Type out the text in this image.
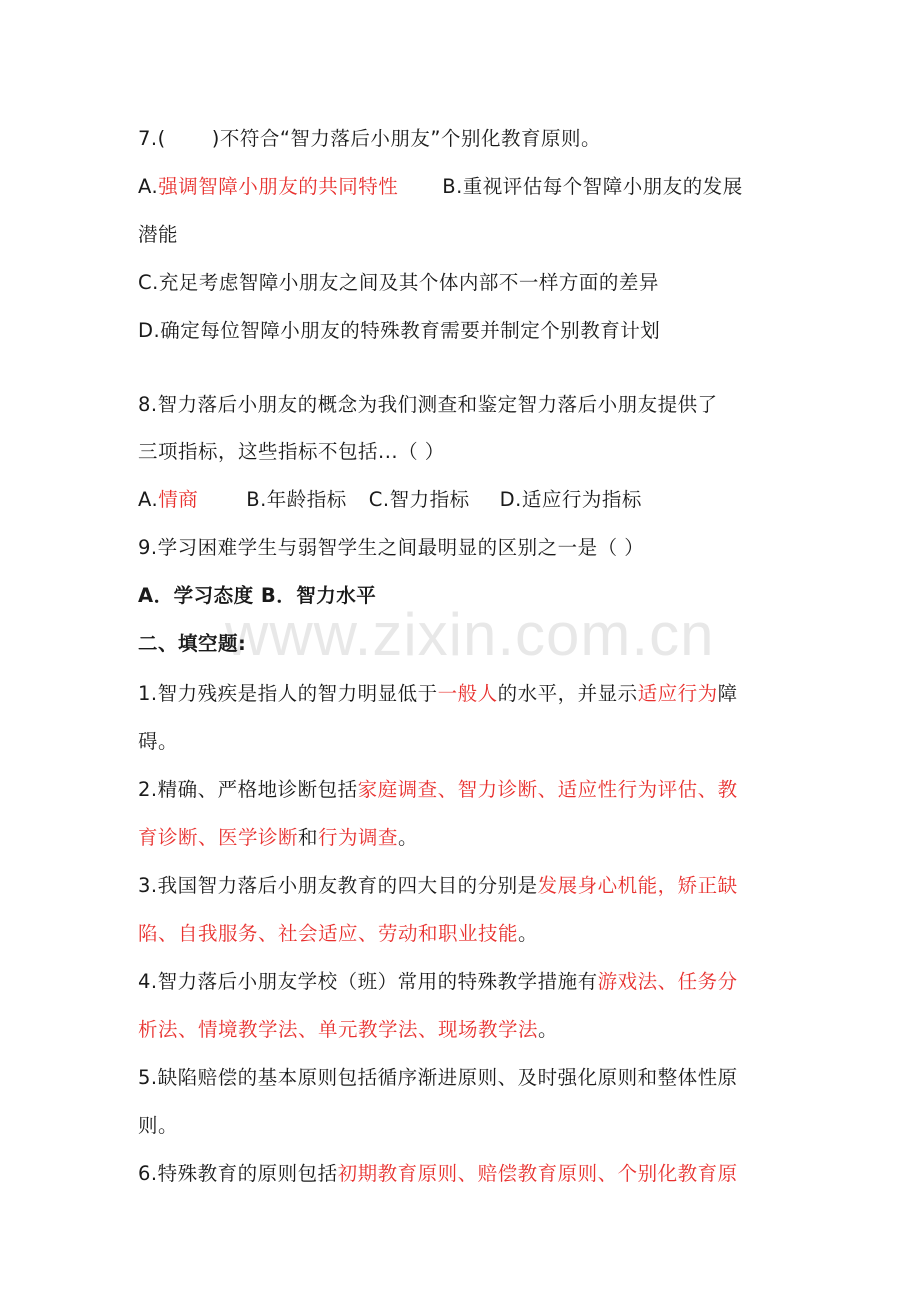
7.( )不符合“智力落后小朋友”个别化教育原则。
A.强调智障小朋友的共同特性 B.重视评估每个智障小朋友的发展
潜能
C.充足考虑智障小朋友之间及其个体内部不一样方面的差异
D.确定每位智障小朋友的特殊教育需要并制定个别教育计划
8.智力落后小朋友的概念为我们测查和鉴定智力落后小朋友提供了
三项指标，这些指标不包括...（ ）
A.情商 B.年龄指标 C.智力指标 D.适应行为指标
9.学习困难学生与弱智学生之间最明显的区别之一是（ ）
A．学习态度 B．智力水平
www.zixin.com.cn
二、填空题:
1.智力残疾是指人的智力明显低于一般人的水平，并显示适应行为障
碍。
2.精确、严格地诊断包括家庭调查、智力诊断、适应性行为评估、教
育诊断、医学诊断和行为调查。
3.我国智力落后小朋友教育的四大目的分别是发展身心机能，矫正缺
陷、自我服务、社会适应、劳动和职业技能。
4.智力落后小朋友学校（班）常用的特殊教学措施有游戏法、任务分
析法、情境教学法、单元教学法、现场教学法。
5.缺陷赔偿的基本原则包括循序渐进原则、及时强化原则和整体性原
则。
6.特殊教育的原则包括初期教育原则、赔偿教育原则、个别化教育原
